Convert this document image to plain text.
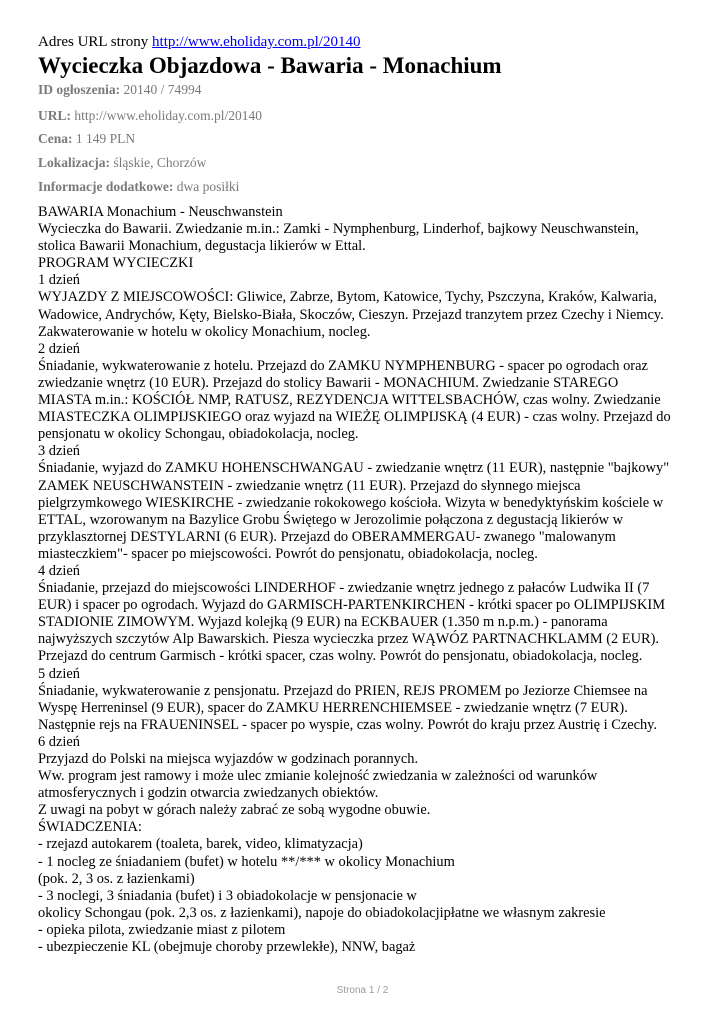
Adres URL strony http://www.eholiday.com.pl/20140
Wycieczka Objazdowa - Bawaria - Monachium
ID ogłoszenia: 20140 / 74994
URL: http://www.eholiday.com.pl/20140
Cena: 1 149 PLN
Lokalizacja: śląskie, Chorzów
Informacje dodatkowe: dwa posiłki
BAWARIA Monachium - Neuschwanstein
Wycieczka do Bawarii. Zwiedzanie m.in.: Zamki - Nymphenburg, Linderhof, bajkowy Neuschwanstein,
stolica Bawarii Monachium, degustacja likierów w Ettal.
PROGRAM WYCIECZKI
1 dzień
WYJAZDY Z MIEJSCOWOŚCI: Gliwice, Zabrze, Bytom, Katowice, Tychy, Pszczyna, Kraków, Kalwaria,
Wadowice, Andrychów, Kęty, Bielsko-Biała, Skoczów, Cieszyn. Przejazd tranzytem przez Czechy i Niemcy.
Zakwaterowanie w hotelu w okolicy Monachium, nocleg.
2 dzień
Śniadanie, wykwaterowanie z hotelu. Przejazd do ZAMKU NYMPHENBURG - spacer po ogrodach oraz
zwiedzanie wnętrz (10 EUR). Przejazd do stolicy Bawarii - MONACHIUM. Zwiedzanie STAREGO
MIASTA m.in.: KOŚCIÓŁ NMP, RATUSZ, REZYDENCJA WITTELSBACHÓW, czas wolny. Zwiedzanie
MIASTECZKA OLIMPIJSKIEGO oraz wyjazd na WIEŻĘ OLIMPIJSKĄ (4 EUR) - czas wolny. Przejazd do
pensjonatu w okolicy Schongau, obiadokolacja, nocleg.
3 dzień
Śniadanie, wyjazd do ZAMKU HOHENSCHWANGAU - zwiedzanie wnętrz (11 EUR), następnie "bajkowy"
ZAMEK NEUSCHWANSTEIN - zwiedzanie wnętrz (11 EUR). Przejazd do słynnego miejsca
pielgrzymkowego WIESKIRCHE - zwiedzanie rokokowego kościoła. Wizyta w benedyktyńskim kościele w
ETTAL, wzorowanym na Bazylice Grobu Świętego w Jerozolimie połączona z degustacją likierów w
przyklasztornej DESTYLARNI (6 EUR). Przejazd do OBERAMMERGAU- zwanego "malowanym
miasteczkiem"- spacer po miejscowości. Powrót do pensjonatu, obiadokolacja, nocleg.
4 dzień
Śniadanie, przejazd do miejscowości LINDERHOF - zwiedzanie wnętrz jednego z pałaców Ludwika II (7
EUR) i spacer po ogrodach. Wyjazd do GARMISCH-PARTENKIRCHEN - krótki spacer po OLIMPIJSKIM
STADIONIE ZIMOWYM. Wyjazd kolejką (9 EUR) na ECKBAUER (1.350 m n.p.m.) - panorama
najwyższych szczytów Alp Bawarskich. Piesza wycieczka przez WĄWÓZ PARTNACHKLAMM (2 EUR).
Przejazd do centrum Garmisch - krótki spacer, czas wolny. Powrót do pensjonatu, obiadokolacja, nocleg.
5 dzień
Śniadanie, wykwaterowanie z pensjonatu. Przejazd do PRIEN, REJS PROMEM po Jeziorze Chiemsee na
Wyspę Herreninsel (9 EUR), spacer do ZAMKU HERRENCHIEMSEE - zwiedzanie wnętrz (7 EUR).
Następnie rejs na FRAUENINSEL - spacer po wyspie, czas wolny. Powrót do kraju przez Austrię i Czechy.
6 dzień
Przyjazd do Polski na miejsca wyjazdów w godzinach porannych.
Ww. program jest ramowy i może ulec zmianie kolejność zwiedzania w zależności od warunków
atmosferycznych i godzin otwarcia zwiedzanych obiektów.
Z uwagi na pobyt w górach należy zabrać ze sobą wygodne obuwie.
ŚWIADCZENIA:
- rzejazd autokarem (toaleta, barek, video, klimatyzacja)
- 1 nocleg ze śniadaniem (bufet) w hotelu **/*** w okolicy Monachium
(pok. 2, 3 os. z łazienkami)
- 3 noclegi, 3 śniadania (bufet) i 3 obiadokolacje w pensjonacie w
okolicy Schongau (pok. 2,3 os. z łazienkami), napoje do obiadokolacjipłatne we własnym zakresie
- opieka pilota, zwiedzanie miast z pilotem
- ubezpieczenie KL (obejmuje choroby przewlekłe), NNW, bagaż
Strona 1 / 2
